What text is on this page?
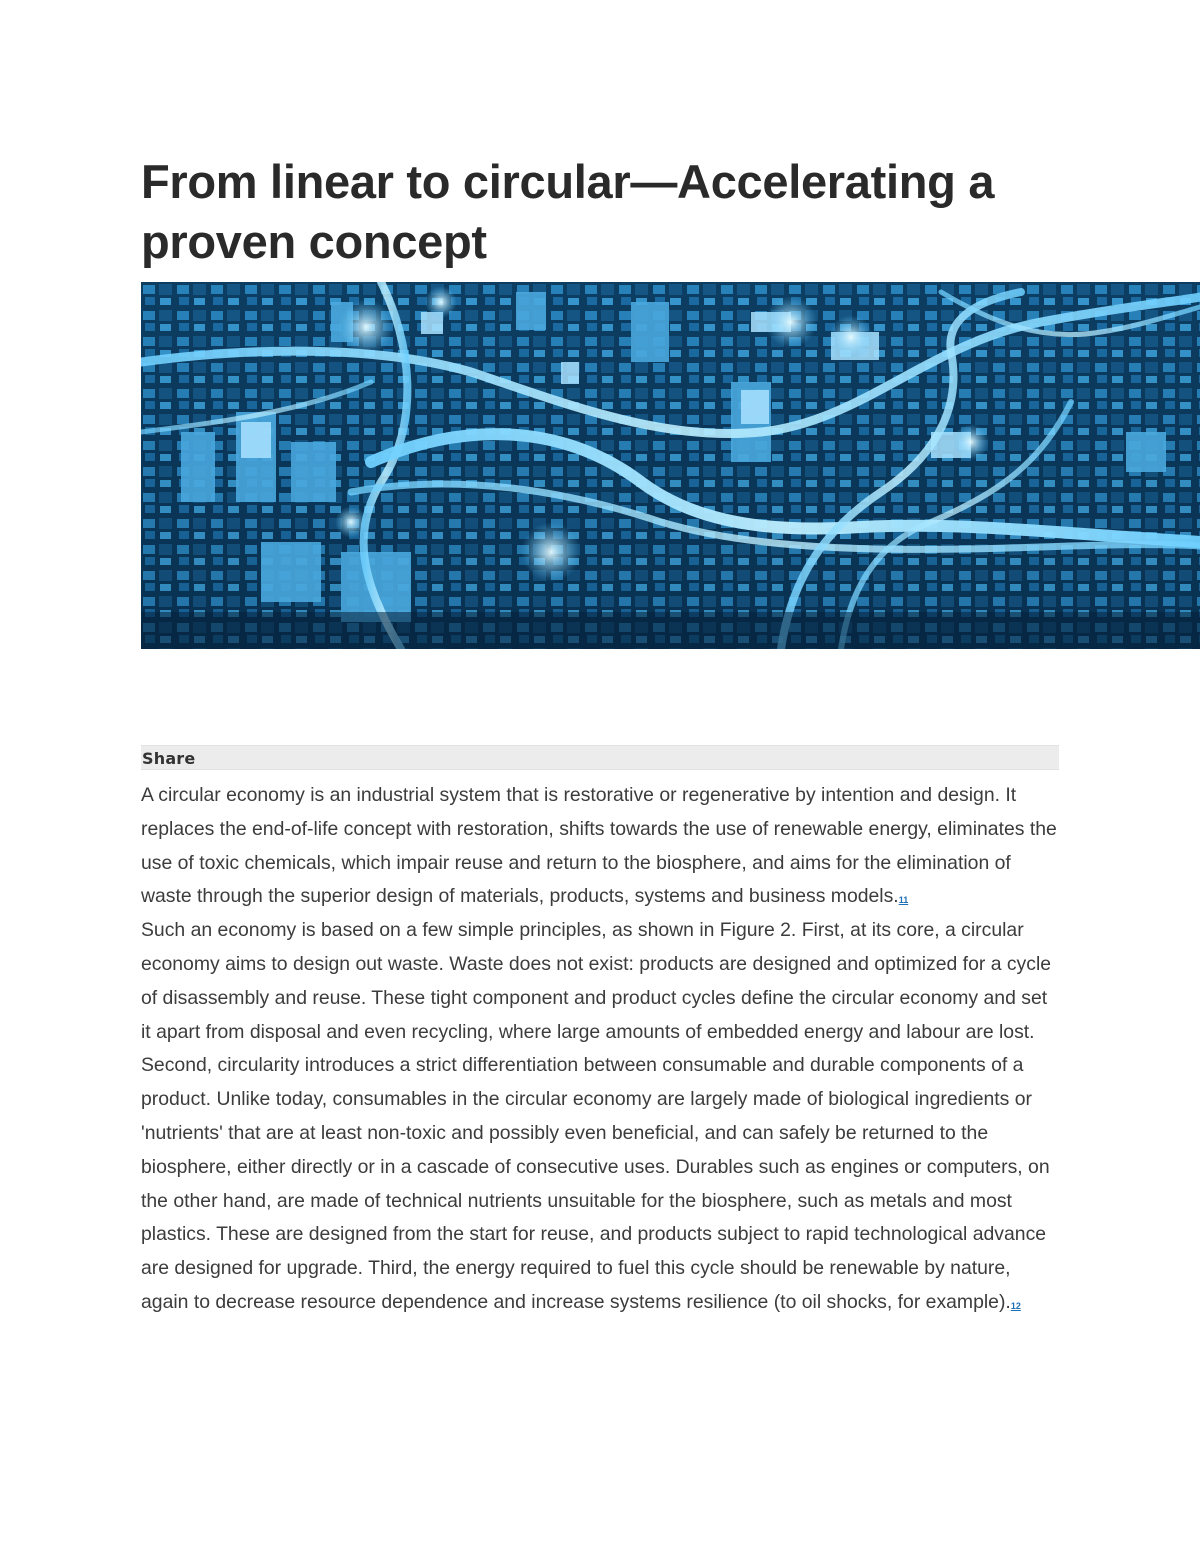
From linear to circular—Accelerating a proven concept
Share

A circular economy is an industrial system that is restorative or regenerative by intention and design. It replaces the end-of-life concept with restoration, shifts towards the use of renewable energy, eliminates the use of toxic chemicals, which impair reuse and return to the biosphere, and aims for the elimination of waste through the superior design of materials, products, systems and business models.11

Such an economy is based on a few simple principles, as shown in Figure 2. First, at its core, a circular economy aims to design out waste. Waste does not exist: products are designed and optimized for a cycle of disassembly and reuse. These tight component and product cycles define the circular economy and set it apart from disposal and even recycling, where large amounts of embedded energy and labour are lost. Second, circularity introduces a strict differentiation between consumable and durable components of a product. Unlike today, consumables in the circular economy are largely made of biological ingredients or 'nutrients' that are at least non-toxic and possibly even beneficial, and can safely be returned to the biosphere, either directly or in a cascade of consecutive uses. Durables such as engines or computers, on the other hand, are made of technical nutrients unsuitable for the biosphere, such as metals and most plastics. These are designed from the start for reuse, and products subject to rapid technological advance are designed for upgrade. Third, the energy required to fuel this cycle should be renewable by nature, again to decrease resource dependence and increase systems resilience (to oil shocks, for example).12
